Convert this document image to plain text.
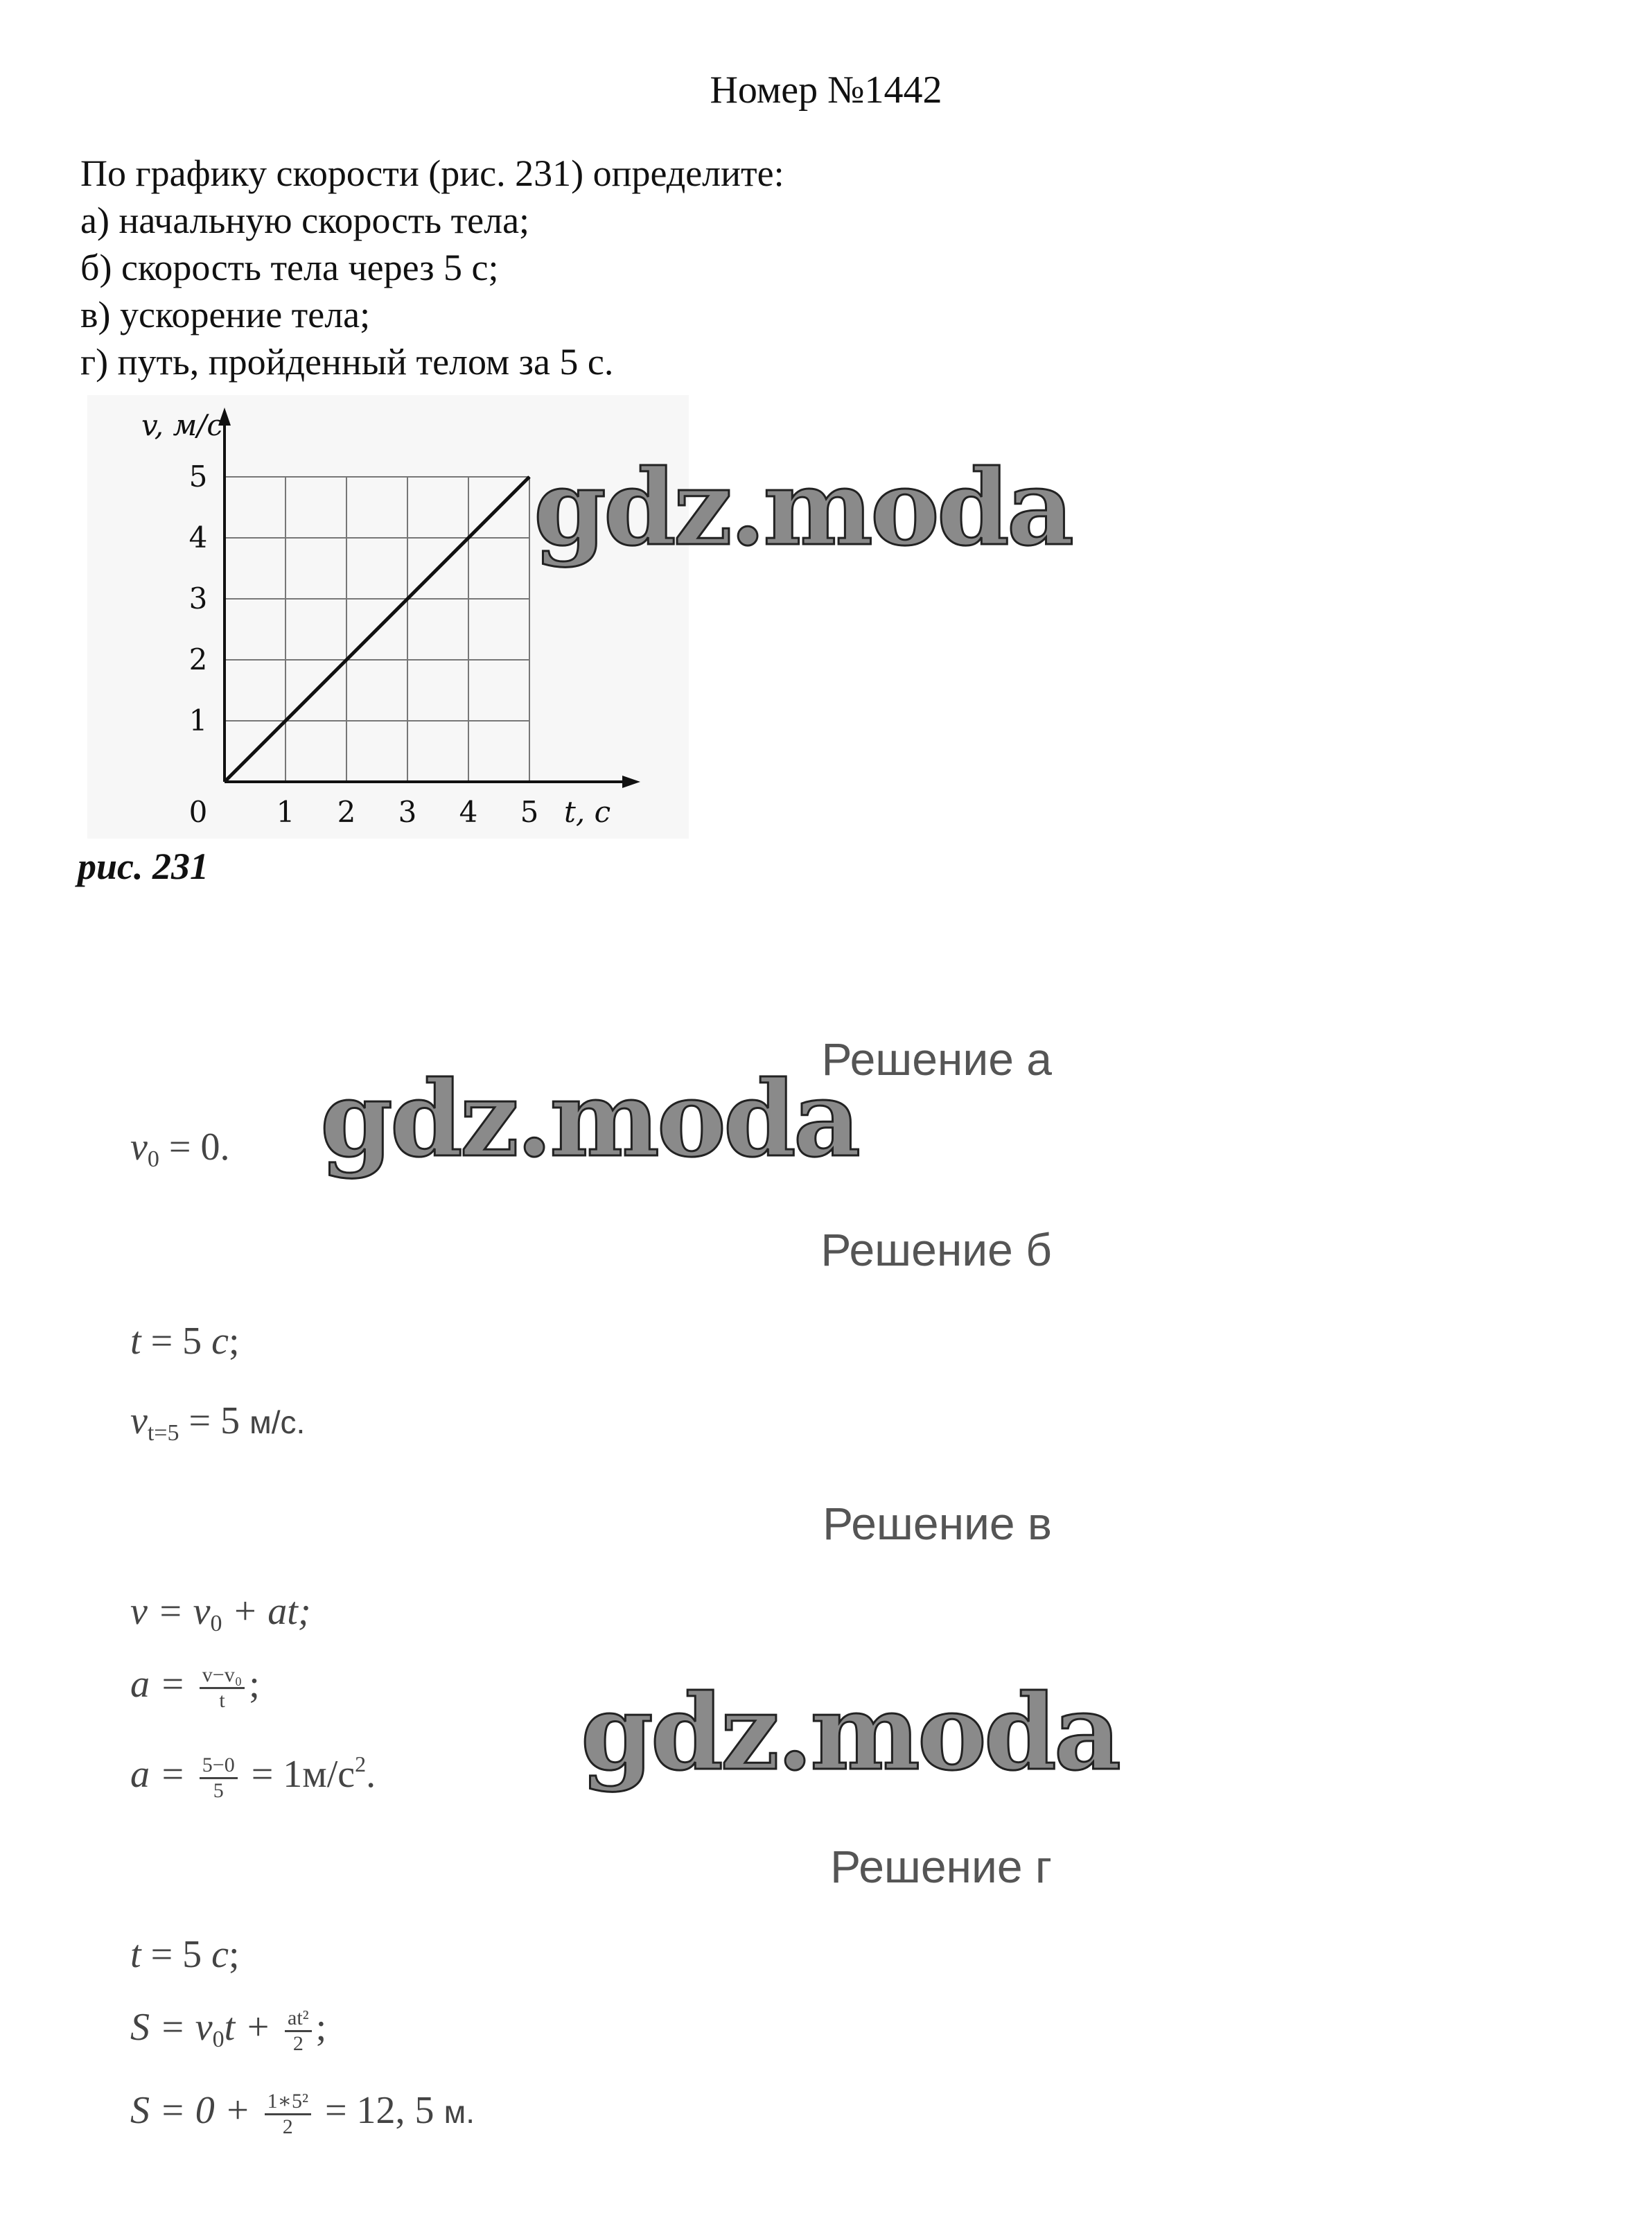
Номер №1442
По графику скорости (рис. 231) определите:
а) начальную скорость тела;
б) скорость тела через 5 с;
в) ускорение тела;
г) путь, пройденный телом за 5 с.
0 1 2 3 4 5
1
2
3
4
5
t, с
v, м/с
рис. 231
Решение а
$v_0 = 0$.
Решение б
t = 5 c;
$v_{t=5} = 5$ м/с.
Решение в
$v = v_0$ + at;
$a = \frac{\text{v−v₀}}{t}$ ;
$a = \frac{5-0}{5} = 1м/с^2$.
Решение г
t = 5 c;
$S = v_0t + \frac{\text{at²}}{2}$ ;
$S = 0 + \frac{\text{1∗5²}}{2} = 12$, 5 м.
gdz.moda
gdz.moda
gdz.moda
